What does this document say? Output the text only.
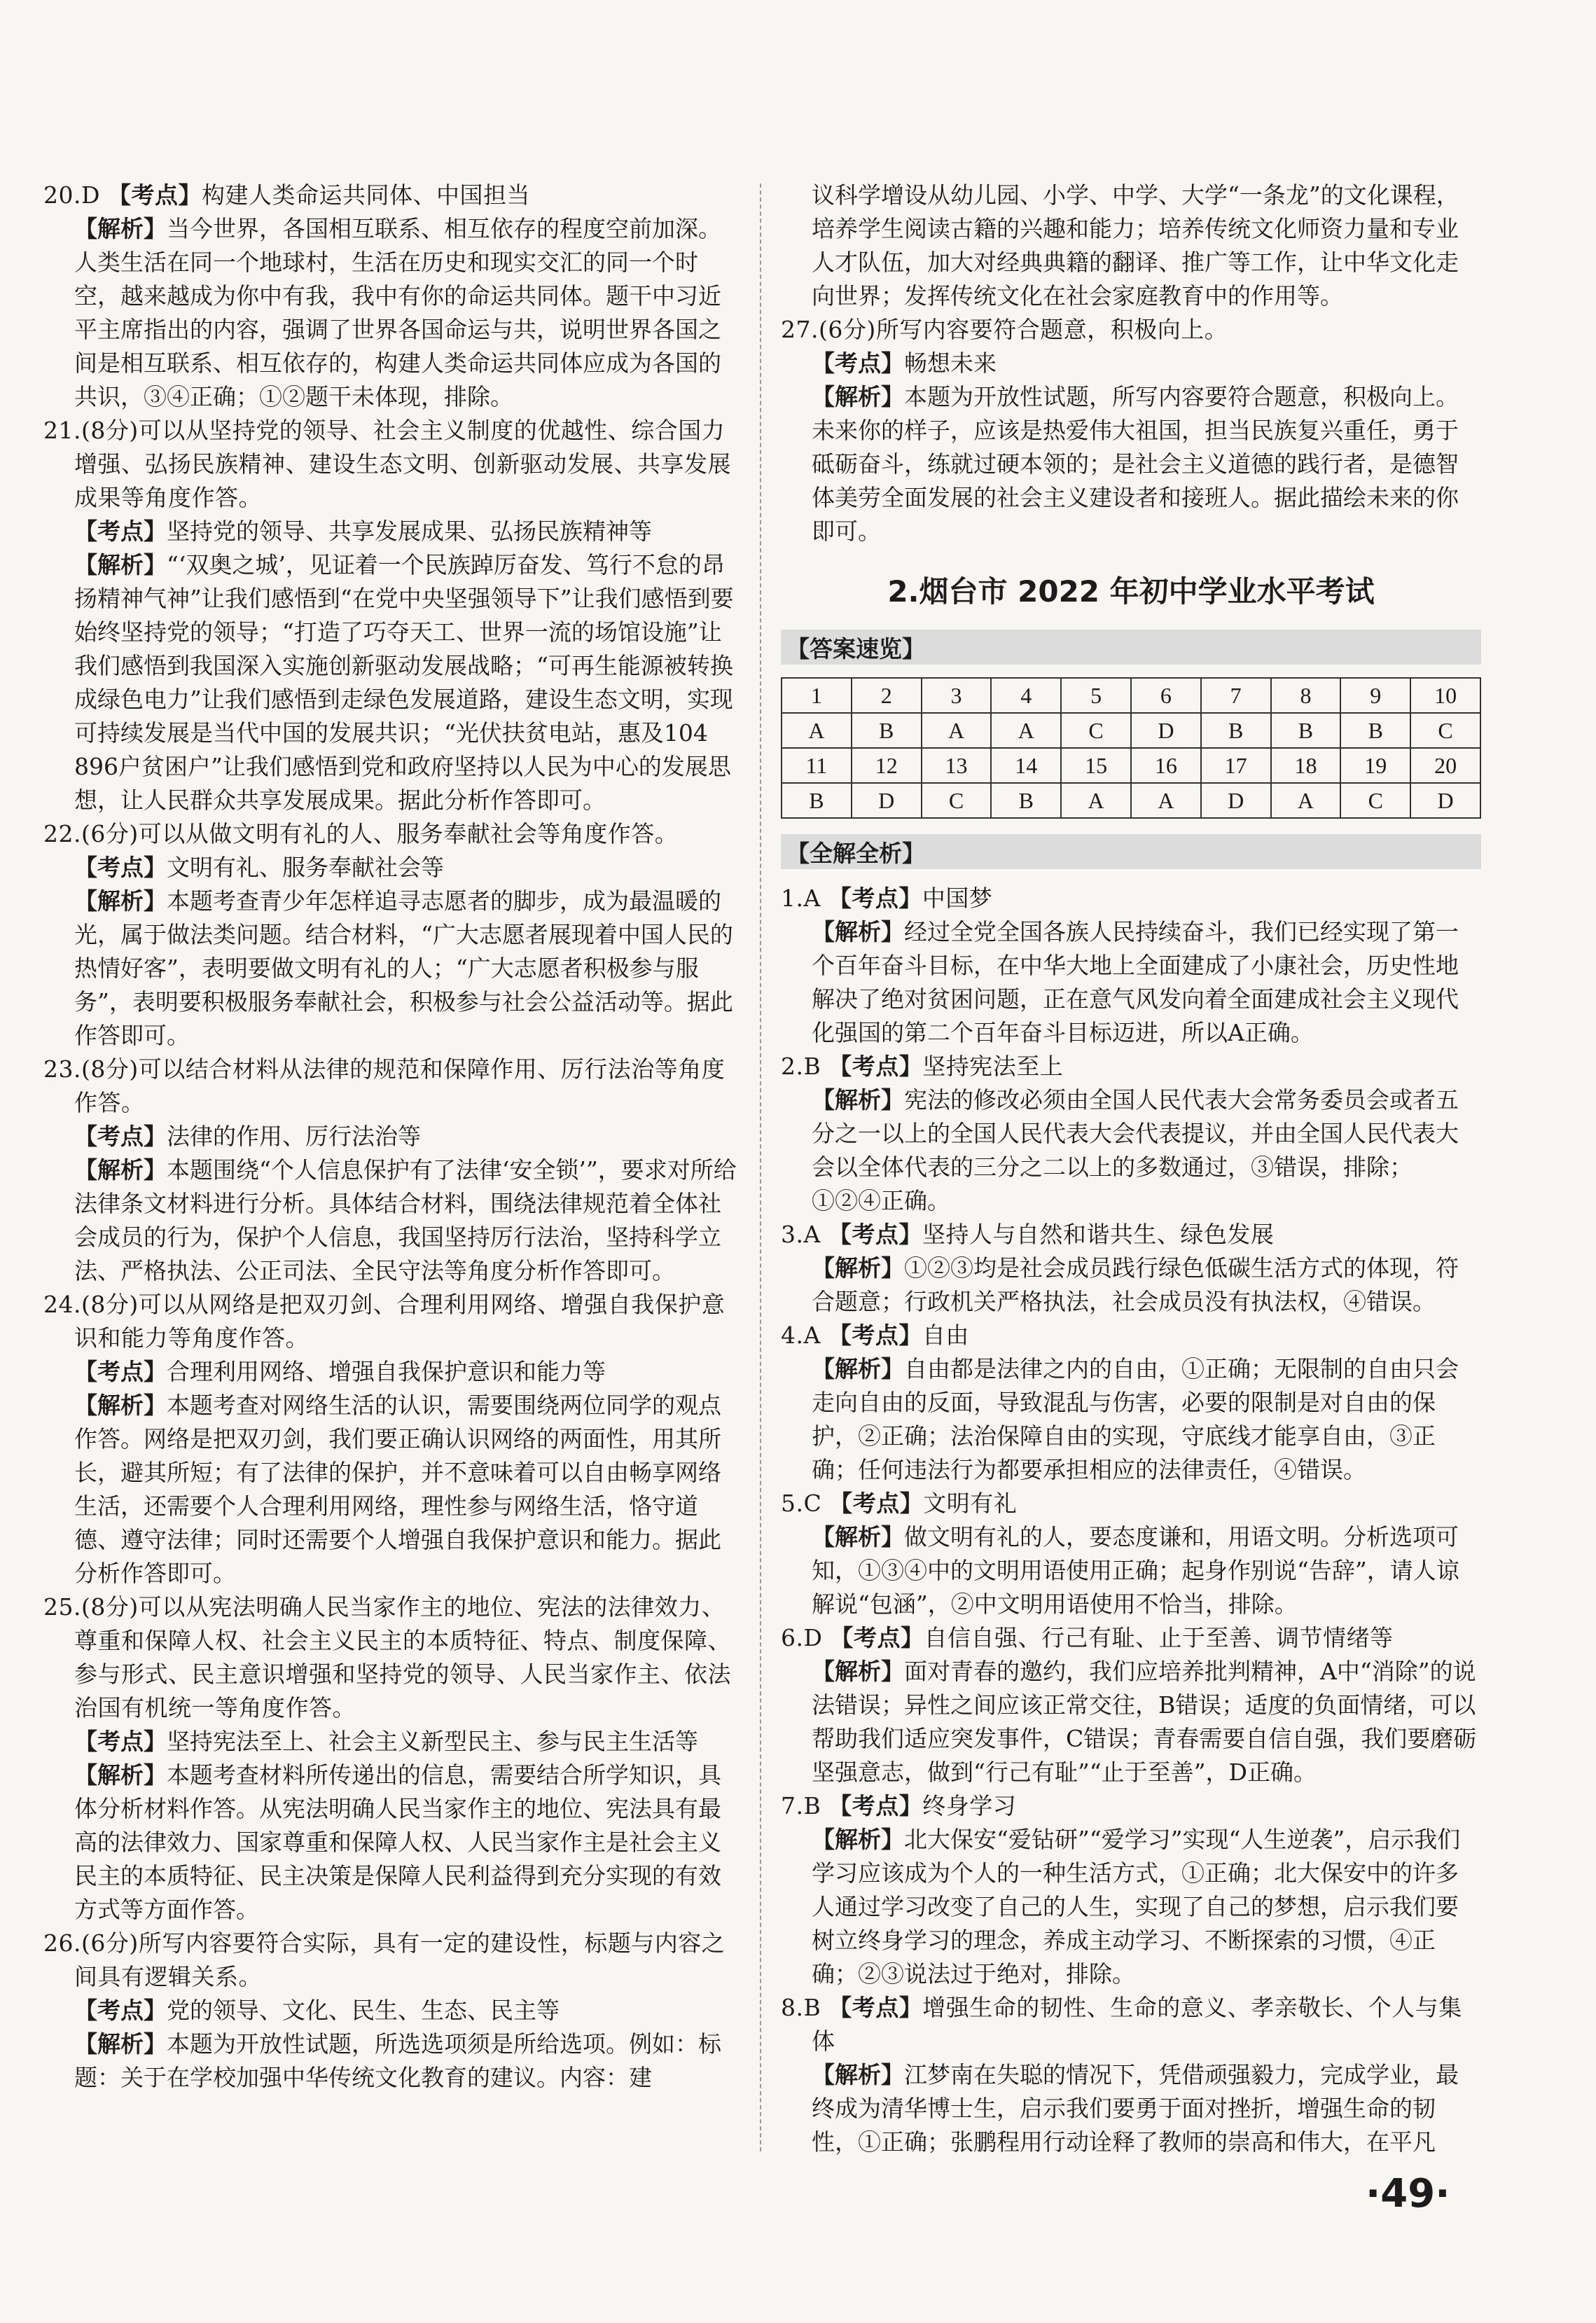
20.D 【考点】构建人类命运共同体、中国担当

【解析】当今世界，各国相互联系、相互依存的程度空前加深。人类生活在同一个地球村，生活在历史和现实交汇的同一个时空，越来越成为你中有我，我中有你的命运共同体。题干中习近平主席指出的内容，强调了世界各国命运与共，说明世界各国之间是相互联系、相互依存的，构建人类命运共同体应成为各国的共识，③④正确；①②题干未体现，排除。

21.(8分)可以从坚持党的领导、社会主义制度的优越性、综合国力增强、弘扬民族精神、建设生态文明、创新驱动发展、共享发展成果等角度作答。

【考点】坚持党的领导、共享发展成果、弘扬民族精神等

【解析】“‘双奥之城’，见证着一个民族踔厉奋发、笃行不怠的昂扬精神气神”让我们感悟到“在党中央坚强领导下”让我们感悟到要始终坚持党的领导；“打造了巧夺天工、世界一流的场馆设施”让我们感悟到我国深入实施创新驱动发展战略；“可再生能源被转换成绿色电力”让我们感悟到走绿色发展道路，建设生态文明，实现可持续发展是当代中国的发展共识；“光伏扶贫电站，惠及104 896户贫困户”让我们感悟到党和政府坚持以人民为中心的发展思想，让人民群众共享发展成果。据此分析作答即可。

22.(6分)可以从做文明有礼的人、服务奉献社会等角度作答。

【考点】文明有礼、服务奉献社会等

【解析】本题考查青少年怎样追寻志愿者的脚步，成为最温暖的光，属于做法类问题。结合材料，“广大志愿者展现着中国人民的热情好客”，表明要做文明有礼的人；“广大志愿者积极参与服务”，表明要积极服务奉献社会，积极参与社会公益活动等。据此作答即可。

23.(8分)可以结合材料从法律的规范和保障作用、厉行法治等角度作答。

【考点】法律的作用、厉行法治等

【解析】本题围绕“个人信息保护有了法律‘安全锁’”，要求对所给法律条文材料进行分析。具体结合材料，围绕法律规范着全体社会成员的行为，保护个人信息，我国坚持厉行法治，坚持科学立法、严格执法、公正司法、全民守法等角度分析作答即可。

24.(8分)可以从网络是把双刃剑、合理利用网络、增强自我保护意识和能力等角度作答。

【考点】合理利用网络、增强自我保护意识和能力等

【解析】本题考查对网络生活的认识，需要围绕两位同学的观点作答。网络是把双刃剑，我们要正确认识网络的两面性，用其所长，避其所短；有了法律的保护，并不意味着可以自由畅享网络生活，还需要个人合理利用网络，理性参与网络生活，恪守道德、遵守法律；同时还需要个人增强自我保护意识和能力。据此分析作答即可。

25.(8分)可以从宪法明确人民当家作主的地位、宪法的法律效力、尊重和保障人权、社会主义民主的本质特征、特点、制度保障、参与形式、民主意识增强和坚持党的领导、人民当家作主、依法治国有机统一等角度作答。

【考点】坚持宪法至上、社会主义新型民主、参与民主生活等

【解析】本题考查材料所传递出的信息，需要结合所学知识，具体分析材料作答。从宪法明确人民当家作主的地位、宪法具有最高的法律效力、国家尊重和保障人权、人民当家作主是社会主义民主的本质特征、民主决策是保障人民利益得到充分实现的有效方式等方面作答。

26.(6分)所写内容要符合实际，具有一定的建设性，标题与内容之间具有逻辑关系。

【考点】党的领导、文化、民生、生态、民主等

【解析】本题为开放性试题，所选选项须是所给选项。例如：标题：关于在学校加强中华传统文化教育的建议。内容：建

议科学增设从幼儿园、小学、中学、大学“一条龙”的文化课程，培养学生阅读古籍的兴趣和能力；培养传统文化师资力量和专业人才队伍，加大对经典典籍的翻译、推广等工作，让中华文化走向世界；发挥传统文化在社会家庭教育中的作用等。

27.(6分)所写内容要符合题意，积极向上。

【考点】畅想未来

【解析】本题为开放性试题，所写内容要符合题意，积极向上。未来你的样子，应该是热爱伟大祖国，担当民族复兴重任，勇于砥砺奋斗，练就过硬本领的；是社会主义道德的践行者，是德智体美劳全面发展的社会主义建设者和接班人。据此描绘未来的你即可。

2.烟台市 2022 年初中学业水平考试
【答案速览】
1	2	3	4	5	6	7	8	9	10
A	B	A	A	C	D	B	B	B	C
11	12	13	14	15	16	17	18	19	20
B	D	C	B	A	A	D	A	C	D
【全解全析】

1.A 【考点】中国梦

【解析】经过全党全国各族人民持续奋斗，我们已经实现了第一个百年奋斗目标，在中华大地上全面建成了小康社会，历史性地解决了绝对贫困问题，正在意气风发向着全面建成社会主义现代化强国的第二个百年奋斗目标迈进，所以A正确。

2.B 【考点】坚持宪法至上

【解析】宪法的修改必须由全国人民代表大会常务委员会或者五分之一以上的全国人民代表大会代表提议，并由全国人民代表大会以全体代表的三分之二以上的多数通过，③错误，排除；①②④正确。

3.A 【考点】坚持人与自然和谐共生、绿色发展

【解析】①②③均是社会成员践行绿色低碳生活方式的体现，符合题意；行政机关严格执法，社会成员没有执法权，④错误。

4.A 【考点】自由

【解析】自由都是法律之内的自由，①正确；无限制的自由只会走向自由的反面，导致混乱与伤害，必要的限制是对自由的保护，②正确；法治保障自由的实现，守底线才能享自由，③正确；任何违法行为都要承担相应的法律责任，④错误。

5.C 【考点】文明有礼

【解析】做文明有礼的人，要态度谦和，用语文明。分析选项可知，①③④中的文明用语使用正确；起身作别说“告辞”，请人谅解说“包涵”，②中文明用语使用不恰当，排除。

6.D 【考点】自信自强、行己有耻、止于至善、调节情绪等

【解析】面对青春的邀约，我们应培养批判精神，A中“消除”的说法错误；异性之间应该正常交往，B错误；适度的负面情绪，可以帮助我们适应突发事件，C错误；青春需要自信自强，我们要磨砺坚强意志，做到“行己有耻”“止于至善”，D正确。

7.B 【考点】终身学习

【解析】北大保安“爱钻研”“爱学习”实现“人生逆袭”，启示我们学习应该成为个人的一种生活方式，①正确；北大保安中的许多人通过学习改变了自己的人生，实现了自己的梦想，启示我们要树立终身学习的理念，养成主动学习、不断探索的习惯，④正确；②③说法过于绝对，排除。

8.B 【考点】增强生命的韧性、生命的意义、孝亲敬长、个人与集体

【解析】江梦南在失聪的情况下，凭借顽强毅力，完成学业，最终成为清华博士生，启示我们要勇于面对挫折，增强生命的韧性，①正确；张鹏程用行动诠释了教师的崇高和伟大，在平凡

·49·
